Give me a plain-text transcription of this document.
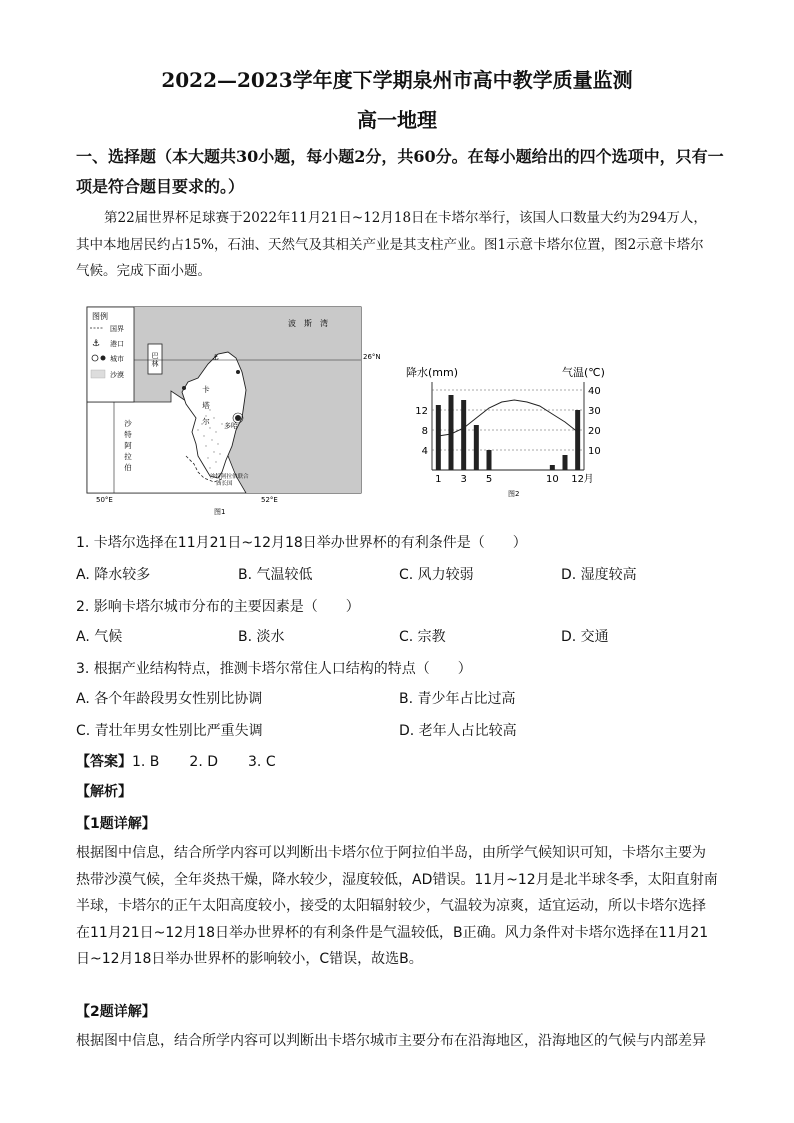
2022—2023学年度下学期泉州市高中教学质量监测
高一地理
一、选择题（本大题共30小题，每小题2分，共60分。在每小题给出的四个选项中，只有一项是符合题目要求的。）
第22届世界杯足球赛于2022年11月21日~12月18日在卡塔尔举行，该国人口数量大约为294万人，其中本地居民约占15%，石油、天然气及其相关产业是其支柱产业。图1示意卡塔尔位置，图2示意卡塔尔气候。完成下面小题。
巴林
图例
国界
⚓ 港口
城市
沙漠
沙特阿拉伯
波　斯　湾
卡塔尔 多哈
⚓
沙特阿拉伯联合酋长国
26°N
50°E	52°E
图1
降水(mm)	气温(℃)
10
20
30
40
4
8
12
1 3 5	10 12 月
图2
1. 卡塔尔选择在11月21日~12月18日举办世界杯的有利条件是（　　）
A. 降水较多	B. 气温较低	C. 风力较弱	D. 湿度较高
2. 影响卡塔尔城市分布的主要因素是（　　）
A. 气候	B. 淡水	C. 宗教	D. 交通
3. 根据产业结构特点，推测卡塔尔常住人口结构的特点（　　）
A. 各个年龄段男女性别比协调	B. 青少年占比过高
C. 青壮年男女性别比严重失调	D. 老年人占比较高
【答案】1. B 2. D 3. C
【解析】
【1题详解】
根据图中信息，结合所学内容可以判断出卡塔尔位于阿拉伯半岛，由所学气候知识可知，卡塔尔主要为热带沙漠气候，全年炎热干燥，降水较少，湿度较低，AD错误。11月~12月是北半球冬季，太阳直射南半球，卡塔尔的正午太阳高度较小，接受的太阳辐射较少，气温较为凉爽，适宜运动，所以卡塔尔选择在11月21日~12月18日举办世界杯的有利条件是气温较低，B正确。风力条件对卡塔尔选择在11月21日~12月18日举办世界杯的影响较小，C错误，故选B。
【2题详解】
根据图中信息，结合所学内容可以判断出卡塔尔城市主要分布在沿海地区，沿海地区的气候与内部差异
